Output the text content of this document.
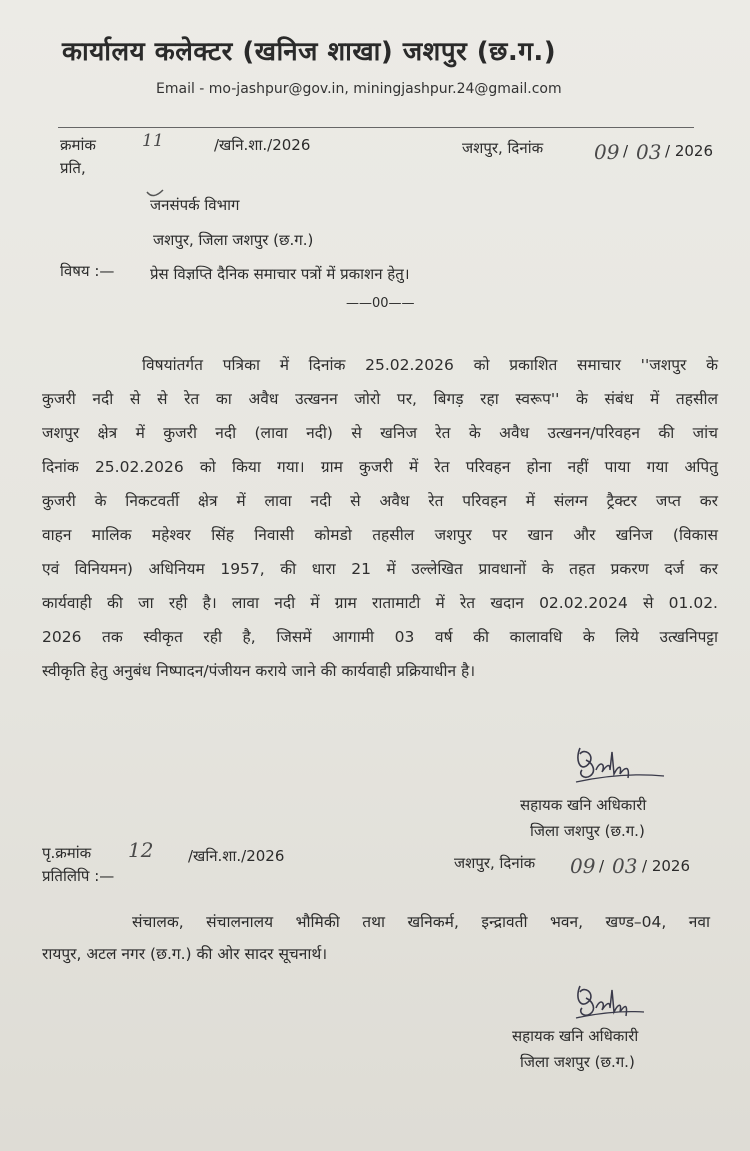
कार्यालय कलेक्टर (खनिज शाखा) जशपुर (छ.ग.)
Email - mo-jashpur@gov.in, miningjashpur.24@gmail.com
क्रमांक	11	/खनि.शा./2026	जशपुर, दिनांक	09 / 03 / 2026
प्रति,
जनसंपर्क विभाग
जशपुर, जिला जशपुर (छ.ग.)
विषय :— प्रेस विज्ञप्ति दैनिक समाचार पत्रों में प्रकाशन हेतु।
——00——
विषयांतर्गत पत्रिका में दिनांक 25.02.2026 को प्रकाशित समाचार ''जशपुर के
कुजरी नदी से से रेत का अवैध उत्खनन जोरो पर, बिगड़ रहा स्वरूप'' के संबंध में तहसील
जशपुर क्षेत्र में कुजरी नदी (लावा नदी) से खनिज रेत के अवैध उत्खनन/परिवहन की जांच
दिनांक 25.02.2026 को किया गया। ग्राम कुजरी में रेत परिवहन होना नहीं पाया गया अपितु
कुजरी के निकटवर्ती क्षेत्र में लावा नदी से अवैध रेत परिवहन में संलग्न ट्रैक्टर जप्त कर
वाहन मालिक महेश्वर सिंह निवासी कोमडो तहसील जशपुर पर खान और खनिज (विकास
एवं विनियमन) अधिनियम 1957, की धारा 21 में उल्लेखित प्रावधानों के तहत प्रकरण दर्ज कर
कार्यवाही की जा रही है। लावा नदी में ग्राम रातामाटी में रेत खदान 02.02.2024 से 01.02.
2026 तक स्वीकृत रही है, जिसमें आगामी 03 वर्ष की कालावधि के लिये उत्खनिपट्टा
स्वीकृति हेतु अनुबंध निष्पादन/पंजीयन कराये जाने की कार्यवाही प्रक्रियाधीन है।
सहायक खनि अधिकारी
जिला जशपुर (छ.ग.)
पृ.क्रमांक 12 /खनि.शा./2026	जशपुर, दिनांक 09 / 03 / 2026
प्रतिलिपि :—
संचालक, संचालनालय भौमिकी तथा खनिकर्म, इन्द्रावती भवन, खण्ड–04, नवा
रायपुर, अटल नगर (छ.ग.) की ओर सादर सूचनार्थ।
सहायक खनि अधिकारी
जिला जशपुर (छ.ग.)
